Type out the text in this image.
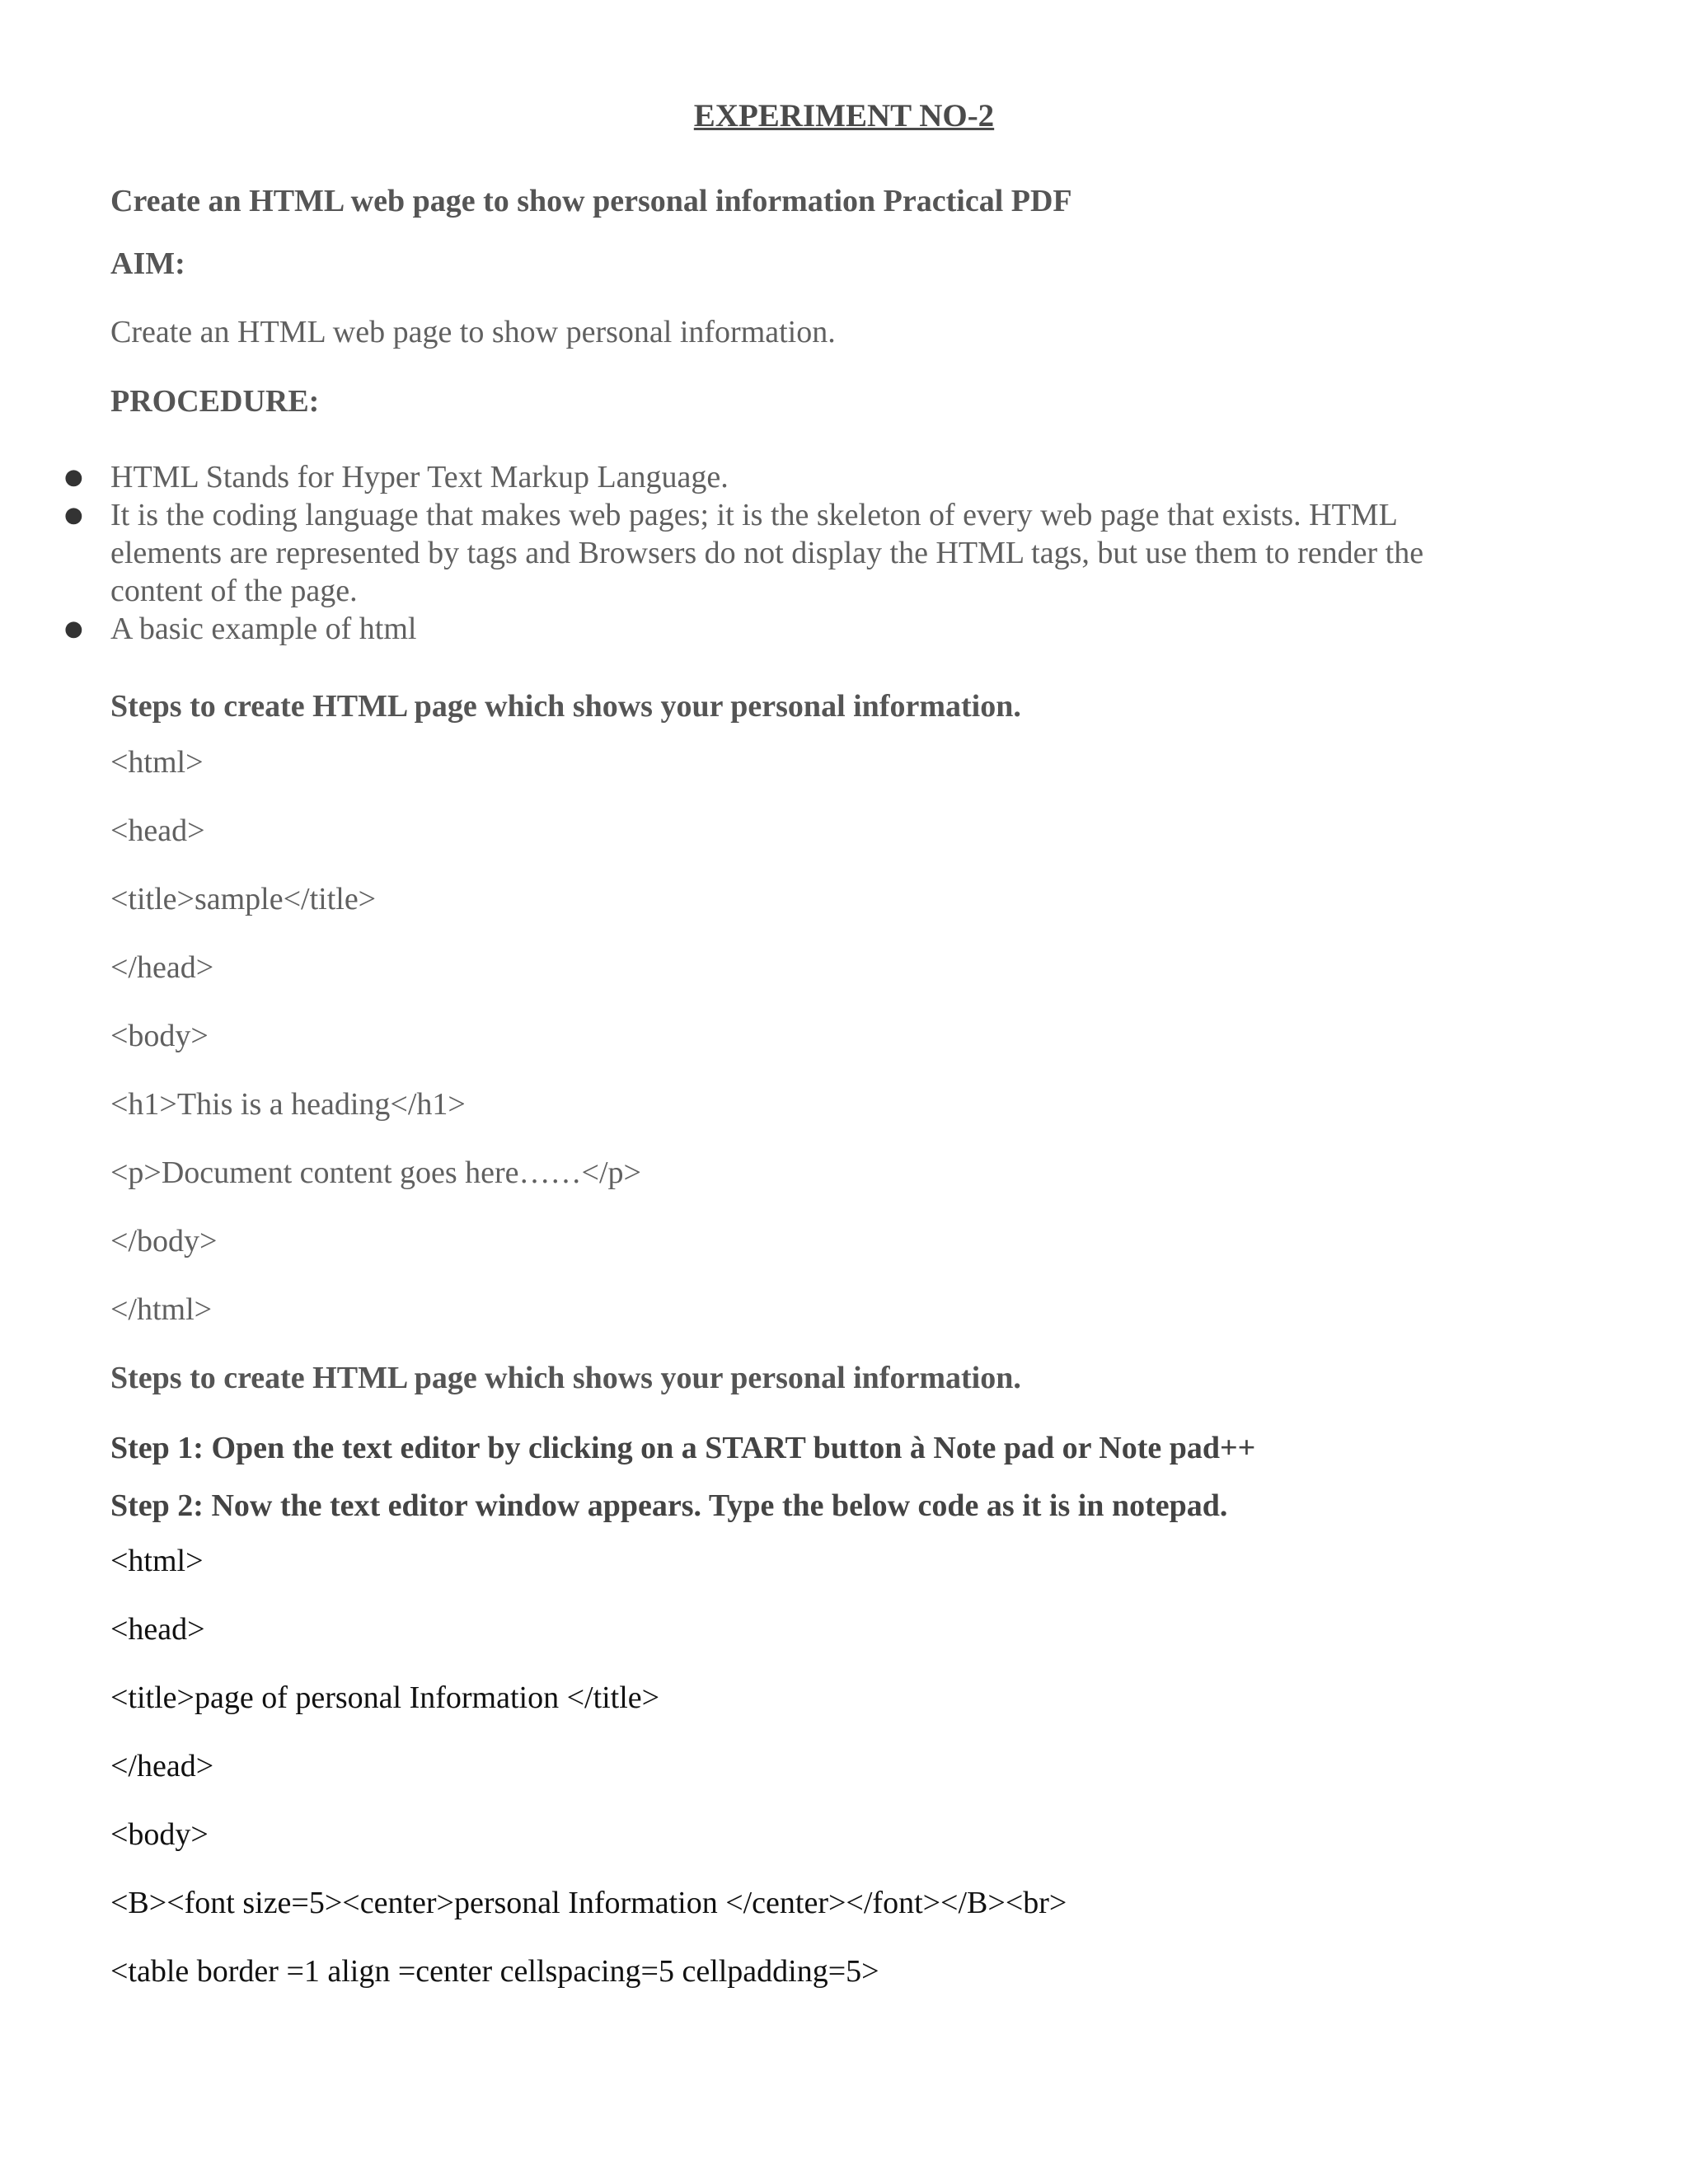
EXPERIMENT NO-2

Create an HTML web page to show personal information Practical PDF

AIM:

Create an HTML web page to show personal information.

PROCEDURE:

● HTML Stands for Hyper Text Markup Language.
● It is the coding language that makes web pages; it is the skeleton of every web page that exists. HTML elements are represented by tags and Browsers do not display the HTML tags, but use them to render the content of the page.
● A basic example of html

Steps to create HTML page which shows your personal information.

<html>

<head>

<title>sample</title>

</head>

<body>

<h1>This is a heading</h1>

<p>Document content goes here……</p>

</body>

</html>

Steps to create HTML page which shows your personal information.

Step 1: Open the text editor by clicking on a START button à Note pad or Note pad++

Step 2: Now the text editor window appears. Type the below code as it is in notepad.

<html>

<head>

<title>page of personal Information </title>

</head>

<body>

<B><font size=5><center>personal Information </center></font></B><br>

<table border =1 align =center cellspacing=5 cellpadding=5>
